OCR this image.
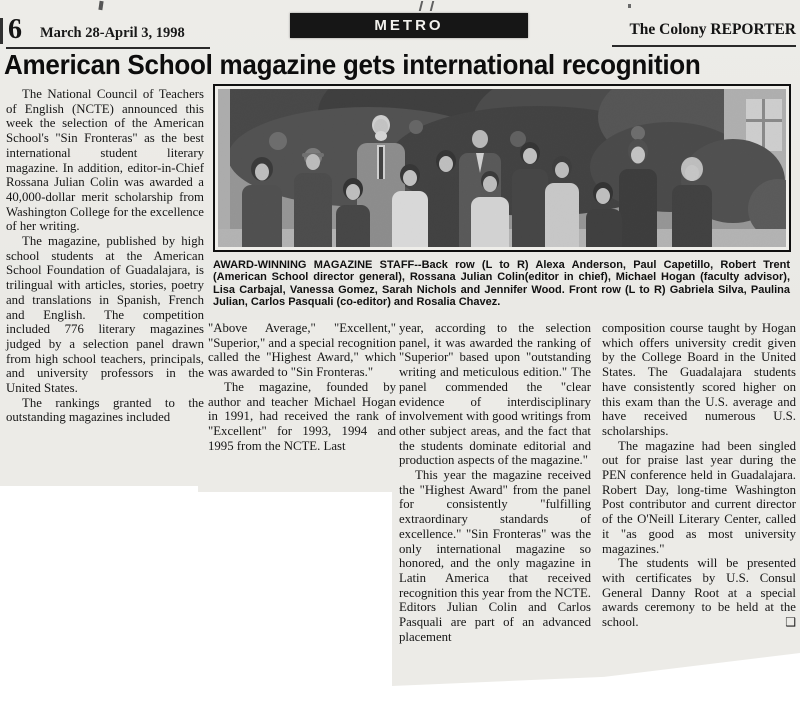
6 March 28-April 3, 1998	METRO	The Colony REPORTER
American School magazine gets international recognition
AWARD-WINNING MAGAZINE STAFF--Back row (L to R) Alexa Anderson, Paul Capetillo, Robert Trent (American School director general), Rossana Julian Colin(editor in chief), Michael Hogan (faculty advisor), Lisa Carbajal, Vanessa Gomez, Sarah Nichols and Jennifer Wood. Front row (L to R) Gabriela Silva, Paulina Julian, Carlos Pasquali (co-editor) and Rosalia Chavez.

The National Council of Teachers of English (NCTE) announced this week the selection of the American School's "Sin Fronteras" as the best international student literary magazine. In addition, editor-in-Chief Rossana Julian Colin was awarded a 40,000-dollar merit scholarship from Washington College for the excellence of her writing.

The magazine, published by high school students at the American School Foundation of Guadalajara, is trilingual with articles, stories, poetry and translations in Spanish, French and English. The competition included 776 literary magazines judged by a selection panel drawn from high school teachers, principals, and university professors in the United States.

The rankings granted to the outstanding magazines included

"Above Average," "Excellent," "Superior," and a special recognition called the "Highest Award," which was awarded to "Sin Fronteras."

The magazine, founded by author and teacher Michael Hogan in 1991, had received the rank of "Excellent" for 1993, 1994 and 1995 from the NCTE. Last

year, according to the selection panel, it was awarded the ranking of "Superior" based upon "outstanding writing and meticulous edition." The panel commended the "clear evidence of interdisciplinary involvement with good writings from other subject areas, and the fact that the students dominate editorial and production aspects of the magazine."

This year the magazine received the "Highest Award" from the panel for consistently "fulfilling extraordinary standards of excellence." "Sin Fronteras" was the only international magazine so honored, and the only magazine in Latin America that received recognition this year from the NCTE. Editors Julian Colin and Carlos Pasquali are part of an advanced placement

composition course taught by Hogan which offers university credit given by the College Board in the United States. The Guadalajara students have consistently scored higher on this exam than the U.S. average and have received numerous U.S. scholarships.

The magazine had been singled out for praise last year during the PEN conference held in Guadalajara. Robert Day, long-time Washington Post contributor and current director of the O'Neill Literary Center, called it "as good as most university magazines."

The students will be presented with certificates by U.S. Consul General Danny Root at a special awards ceremony to be held at the school.	❑
